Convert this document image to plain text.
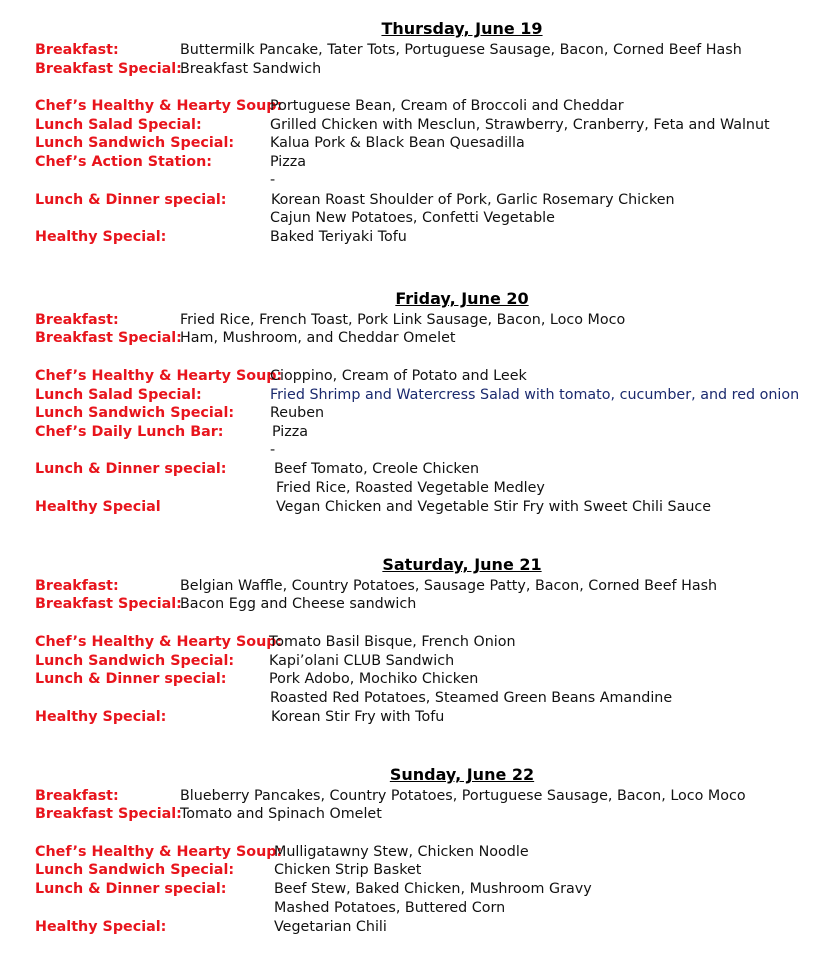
Thursday, June 19
Breakfast:	Buttermilk Pancake, Tater Tots, Portuguese Sausage, Bacon, Corned Beef Hash
Breakfast Special:
Breakfast Sandwich
Chef’s Healthy & Hearty Soup:
Portuguese Bean, Cream of Broccoli and Cheddar
Lunch Salad Special:	Grilled Chicken with Mesclun, Strawberry, Cranberry, Feta and Walnut
Lunch Sandwich Special:	Kalua Pork & Black Bean Quesadilla
Chef’s Action Station:	Pizza
-
Lunch & Dinner special:	Korean Roast Shoulder of Pork, Garlic Rosemary Chicken
Cajun New Potatoes, Confetti Vegetable
Healthy Special:	Baked Teriyaki Tofu
Friday, June 20
Breakfast:	Fried Rice, French Toast, Pork Link Sausage, Bacon, Loco Moco
Breakfast Special:
Ham, Mushroom, and Cheddar Omelet
Chef’s Healthy & Hearty Soup:
Cioppino, Cream of Potato and Leek
Lunch Salad Special:	Fried Shrimp and Watercress Salad with tomato, cucumber, and red onion
Lunch Sandwich Special:	Reuben
Chef’s Daily Lunch Bar:	Pizza
-
Lunch & Dinner special:	Beef Tomato, Creole Chicken
Fried Rice, Roasted Vegetable Medley
Healthy Special	Vegan Chicken and Vegetable Stir Fry with Sweet Chili Sauce
Saturday, June 21
Breakfast:	Belgian Waffle, Country Potatoes, Sausage Patty, Bacon, Corned Beef Hash
Breakfast Special:
Bacon Egg and Cheese sandwich
Chef’s Healthy & Hearty Soup:
Tomato Basil Bisque, French Onion
Lunch Sandwich Special: Kapi’olani CLUB Sandwich
Lunch & Dinner special:	Pork Adobo, Mochiko Chicken
Roasted Red Potatoes, Steamed Green Beans Amandine
Healthy Special:	Korean Stir Fry with Tofu
Sunday, June 22
Breakfast:	Blueberry Pancakes, Country Potatoes, Portuguese Sausage, Bacon, Loco Moco
Breakfast Special:
Tomato and Spinach Omelet
Chef’s Healthy & Hearty Soup:
Mulligatawny Stew, Chicken Noodle
Lunch Sandwich Special:	Chicken Strip Basket
Lunch & Dinner special:	Beef Stew, Baked Chicken, Mushroom Gravy
Mashed Potatoes, Buttered Corn
Healthy Special:	Vegetarian Chili
